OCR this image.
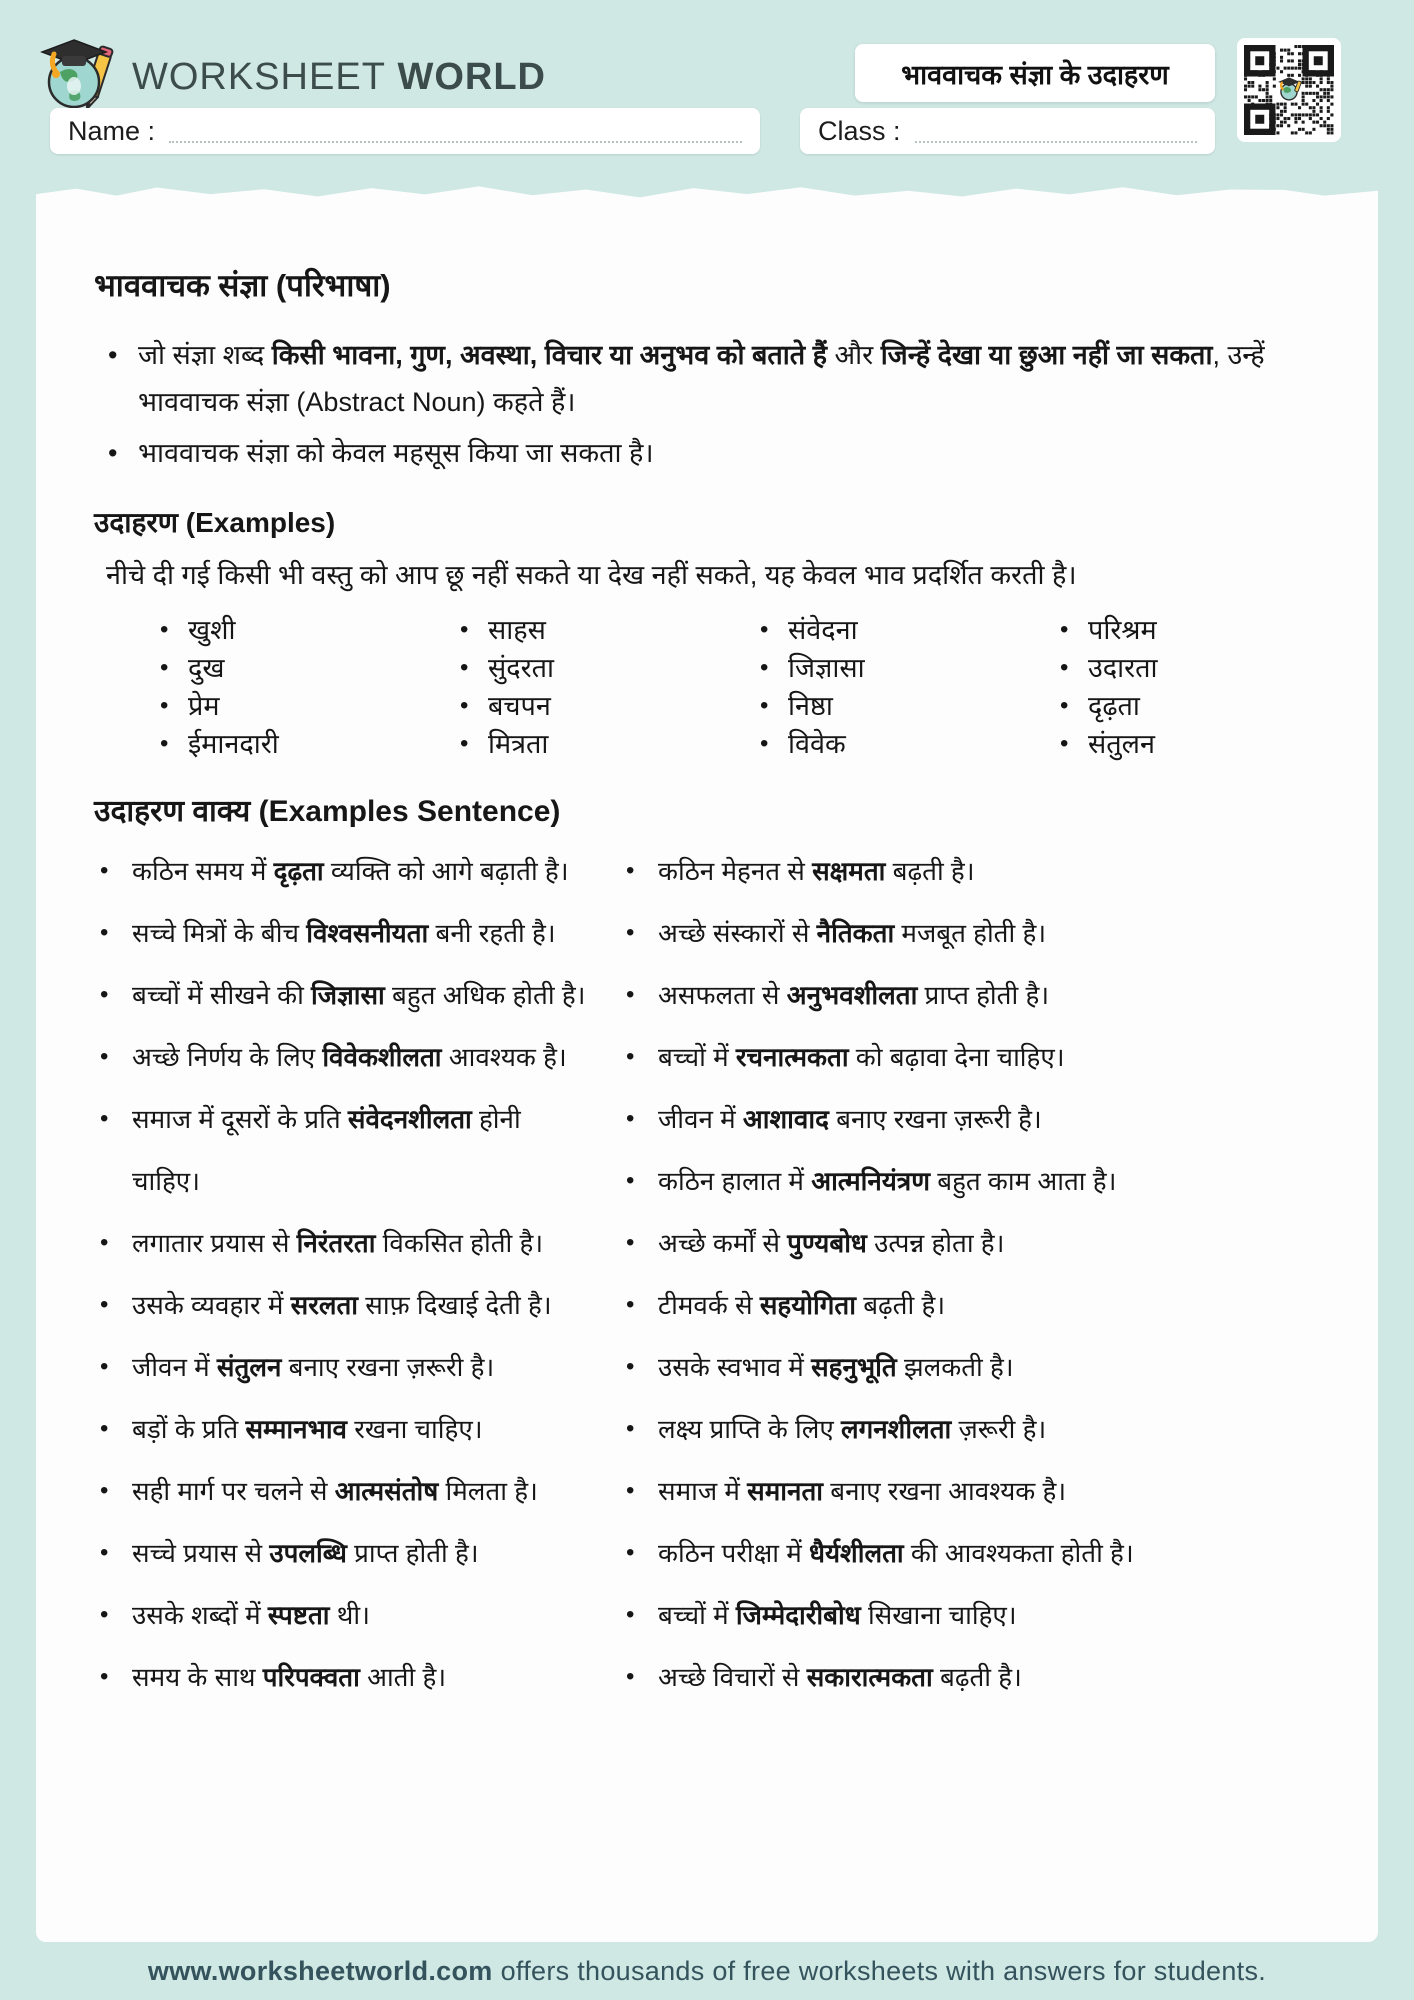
WORKSHEET WORLD	भाववाचक संज्ञा के उदाहरण
Name :	Class :
भाववाचक संज्ञा (परिभाषा)
• जो संज्ञा शब्द किसी भावना, गुण, अवस्था, विचार या अनुभव को बताते हैं और जिन्हें देखा या छुआ नहीं जा सकता, उन्हें भाववाचक संज्ञा (Abstract Noun) कहते हैं।
• भाववाचक संज्ञा को केवल महसूस किया जा सकता है।
उदाहरण (Examples)
नीचे दी गई किसी भी वस्तु को आप छू नहीं सकते या देख नहीं सकते, यह केवल भाव प्रदर्शित करती है।
• खुशी
• दुख
• प्रेम
• ईमानदारी
• साहस
• सुंदरता
• बचपन
• मित्रता
• संवेदना
• जिज्ञासा
• निष्ठा
• विवेक
• परिश्रम
• उदारता
• दृढ़ता
• संतुलन
उदाहरण वाक्य (Examples Sentence)
• कठिन समय में दृढ़ता व्यक्ति को आगे बढ़ाती है।
• सच्चे मित्रों के बीच विश्वसनीयता बनी रहती है।
• बच्चों में सीखने की जिज्ञासा बहुत अधिक होती है।
• अच्छे निर्णय के लिए विवेकशीलता आवश्यक है।
• समाज में दूसरों के प्रति संवेदनशीलता होनी चाहिए।
• लगातार प्रयास से निरंतरता विकसित होती है।
• उसके व्यवहार में सरलता साफ़ दिखाई देती है।
• जीवन में संतुलन बनाए रखना ज़रूरी है।
• बड़ों के प्रति सम्मानभाव रखना चाहिए।
• सही मार्ग पर चलने से आत्मसंतोष मिलता है।
• सच्चे प्रयास से उपलब्धि प्राप्त होती है।
• उसके शब्दों में स्पष्टता थी।
• समय के साथ परिपक्वता आती है।
• कठिन मेहनत से सक्षमता बढ़ती है।
• अच्छे संस्कारों से नैतिकता मजबूत होती है।
• असफलता से अनुभवशीलता प्राप्त होती है।
• बच्चों में रचनात्मकता को बढ़ावा देना चाहिए।
• जीवन में आशावाद बनाए रखना ज़रूरी है।
• कठिन हालात में आत्मनियंत्रण बहुत काम आता है।
• अच्छे कर्मों से पुण्यबोध उत्पन्न होता है।
• टीमवर्क से सहयोगिता बढ़ती है।
• उसके स्वभाव में सहनुभूति झलकती है।
• लक्ष्य प्राप्ति के लिए लगनशीलता ज़रूरी है।
• समाज में समानता बनाए रखना आवश्यक है।
• कठिन परीक्षा में धैर्यशीलता की आवश्यकता होती है।
• बच्चों में जिम्मेदारीबोध सिखाना चाहिए।
• अच्छे विचारों से सकारात्मकता बढ़ती है।
www.worksheetworld.com offers thousands of free worksheets with answers for students.
